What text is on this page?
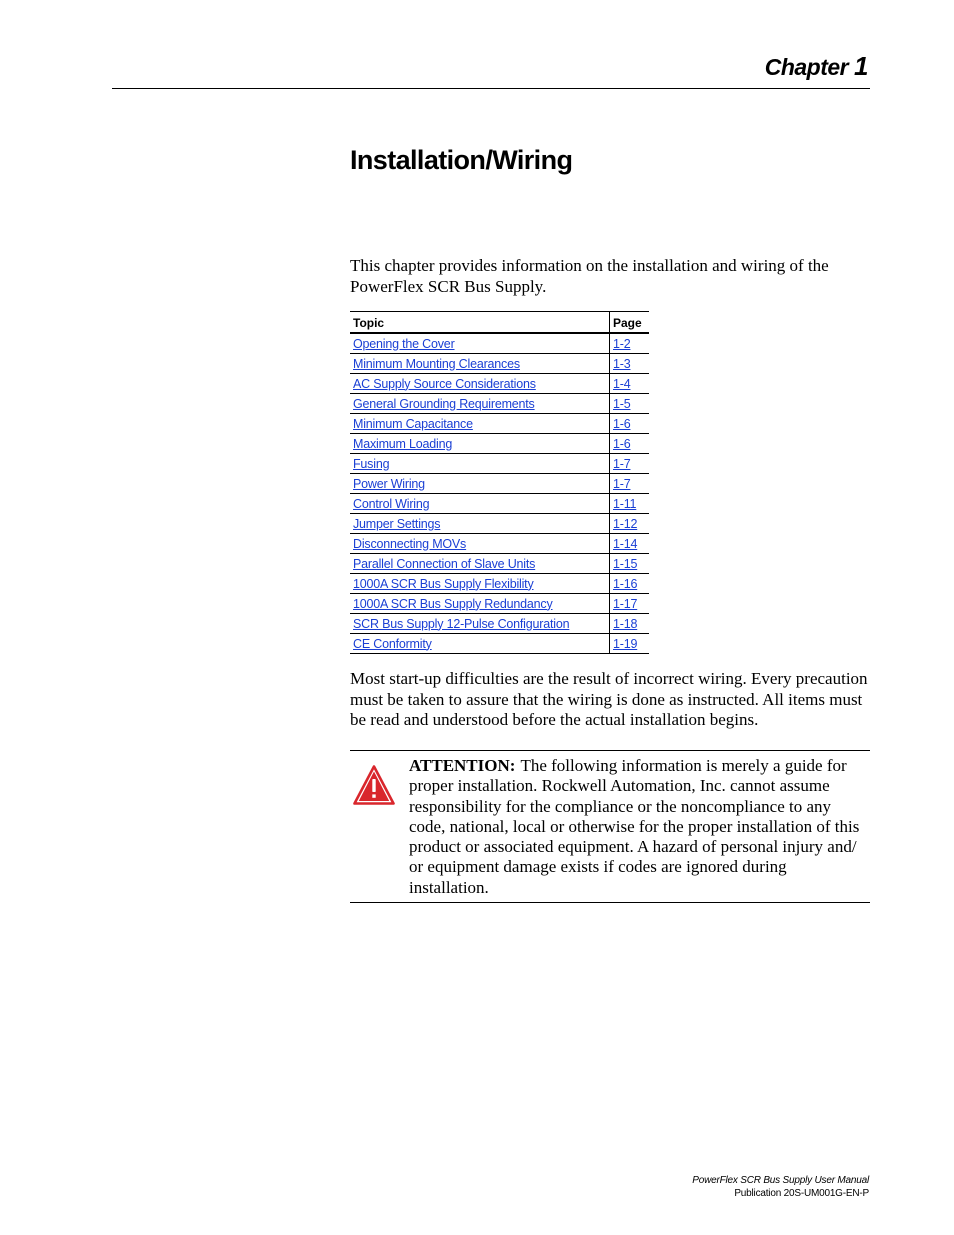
Chapter 1
Installation/Wiring

This chapter provides information on the installation and wiring of the PowerFlex SCR Bus Supply.

Topic	Page
Opening the Cover	1-2
Minimum Mounting Clearances	1-3
AC Supply Source Considerations	1-4
General Grounding Requirements	1-5
Minimum Capacitance	1-6
Maximum Loading	1-6
Fusing	1-7
Power Wiring	1-7
Control Wiring	1-11
Jumper Settings	1-12
Disconnecting MOVs	1-14
Parallel Connection of Slave Units	1-15
1000A SCR Bus Supply Flexibility	1-16
1000A SCR Bus Supply Redundancy	1-17
SCR Bus Supply 12-Pulse Configuration	1-18
CE Conformity	1-19

Most start-up difficulties are the result of incorrect wiring. Every precaution must be taken to assure that the wiring is done as instructed. All items must be read and understood before the actual installation begins.

ATTENTION: The following information is merely a guide for proper installation. Rockwell Automation, Inc. cannot assume responsibility for the compliance or the noncompliance to any code, national, local or otherwise for the proper installation of this product or associated equipment. A hazard of personal injury and/ or equipment damage exists if codes are ignored during installation.

PowerFlex SCR Bus Supply User Manual
Publication 20S-UM001G-EN-P
